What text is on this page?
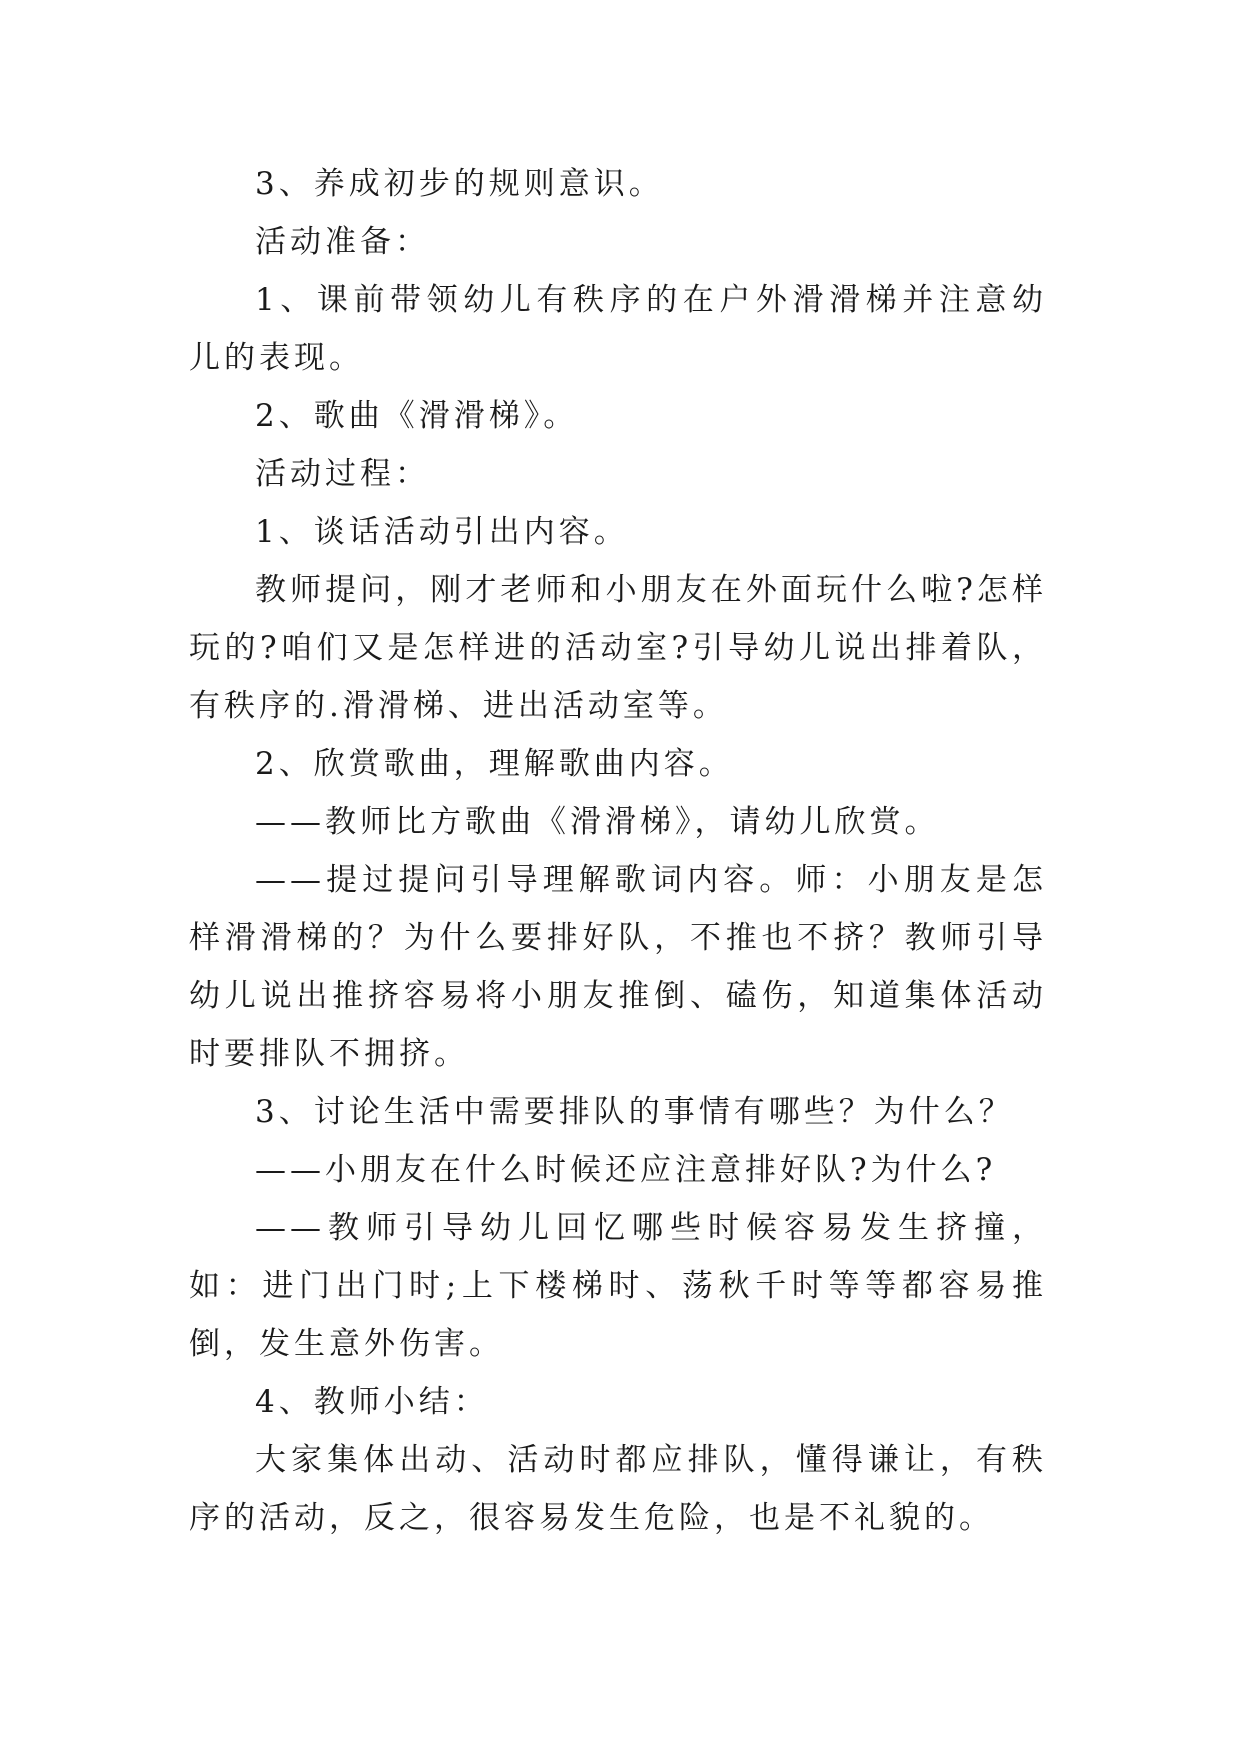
3、养成初步的规则意识。

活动准备：

1、课前带领幼儿有秩序的在户外滑滑梯并注意幼儿的表现。

2、歌曲《滑滑梯》。

活动过程：

1、谈话活动引出内容。

教师提问，刚才老师和小朋友在外面玩什么啦?怎样玩的?咱们又是怎样进的活动室?引导幼儿说出排着队，有秩序的.滑滑梯、进出活动室等。

2、欣赏歌曲，理解歌曲内容。

——教师比方歌曲《滑滑梯》，请幼儿欣赏。

——提过提问引导理解歌词内容。师：小朋友是怎样滑滑梯的？为什么要排好队，不推也不挤？教师引导幼儿说出推挤容易将小朋友推倒、磕伤，知道集体活动时要排队不拥挤。

3、讨论生活中需要排队的事情有哪些？为什么？

——小朋友在什么时候还应注意排好队?为什么?

——教师引导幼儿回忆哪些时候容易发生挤撞，如：进门出门时;上下楼梯时、荡秋千时等等都容易推倒，发生意外伤害。

4、教师小结：

大家集体出动、活动时都应排队，懂得谦让，有秩序的活动，反之，很容易发生危险，也是不礼貌的。
